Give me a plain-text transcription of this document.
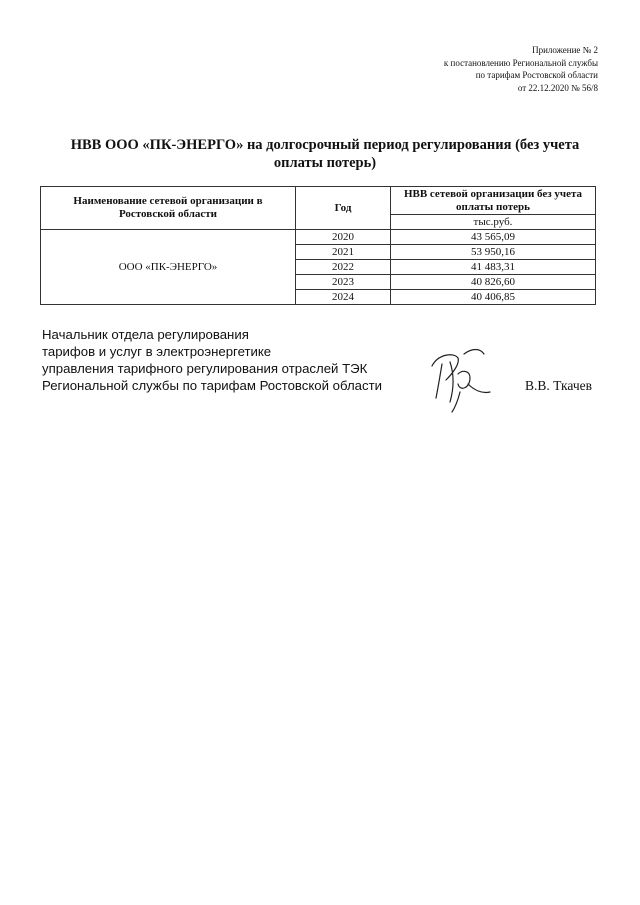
Приложение № 2
к постановлению Региональной службы
по тарифам Ростовской области
от 22.12.2020 № 56/8
НВВ ООО «ПК-ЭНЕРГО» на долгосрочный период регулирования (без учета
оплаты потерь)
Наименование сетевой организации в Ростовской области	Год	НВВ сетевой организации без учета оплаты потерь
		тыс.руб.
ООО «ПК-ЭНЕРГО»	2020	43 565,09
	2021	53 950,16
	2022	41 483,31
	2023	40 826,60
	2024	40 406,85
Начальник отдела регулирования
тарифов и услуг в электроэнергетике
управления тарифного регулирования отраслей ТЭК
Региональной службы по тарифам Ростовской области	В.В. Ткачев
